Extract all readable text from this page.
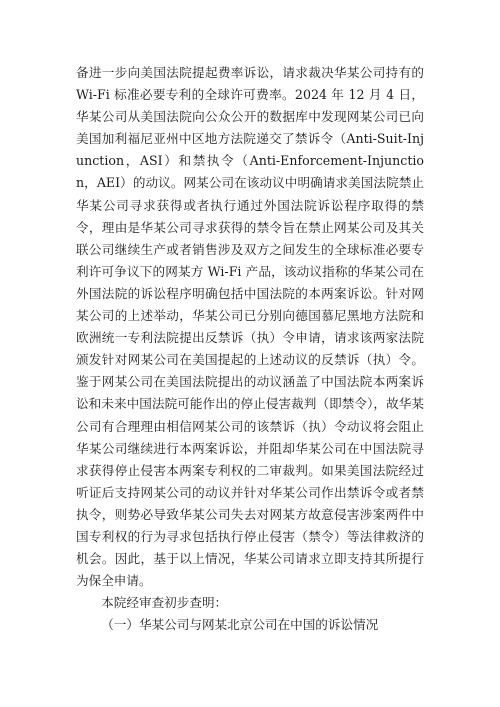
备进一步向美国法院提起费率诉讼，请求裁决华某公司持有的Wi-Fi 标准必要专利的全球许可费率。2024 年 12 月 4 日，华某公司从美国法院向公众公开的数据库中发现网某公司已向美国加利福尼亚州中区地方法院递交了禁诉令（Anti-Suit-Injunction，ASI）和禁执令（Anti-Enforcement-Injunction，AEI）的动议。网某公司在该动议中明确请求美国法院禁止华某公司寻求获得或者执行通过外国法院诉讼程序取得的禁令，理由是华某公司寻求获得的禁令旨在禁止网某公司及其关联公司继续生产或者销售涉及双方之间发生的全球标准必要专利许可争议下的网某方 Wi-Fi 产品，该动议指称的华某公司在外国法院的诉讼程序明确包括中国法院的本两案诉讼。针对网某公司的上述举动，华某公司已分别向德国慕尼黑地方法院和欧洲统一专利法院提出反禁诉（执）令申请，请求该两家法院颁发针对网某公司在美国提起的上述动议的反禁诉（执）令。鉴于网某公司在美国法院提出的动议涵盖了中国法院本两案诉讼和未来中国法院可能作出的停止侵害裁判（即禁令），故华某公司有合理理由相信网某公司的该禁诉（执）令动议将会阻止华某公司继续进行本两案诉讼，并阻却华某公司在中国法院寻求获得停止侵害本两案专利权的二审裁判。如果美国法院经过听证后支持网某公司的动议并针对华某公司作出禁诉令或者禁执令，则势必导致华某公司失去对网某方故意侵害涉案两件中国专利权的行为寻求包括执行停止侵害（禁令）等法律救济的机会。因此，基于以上情况，华某公司请求立即支持其所提行为保全申请。

本院经审查初步查明：

（一）华某公司与网某北京公司在中国的诉讼情况
